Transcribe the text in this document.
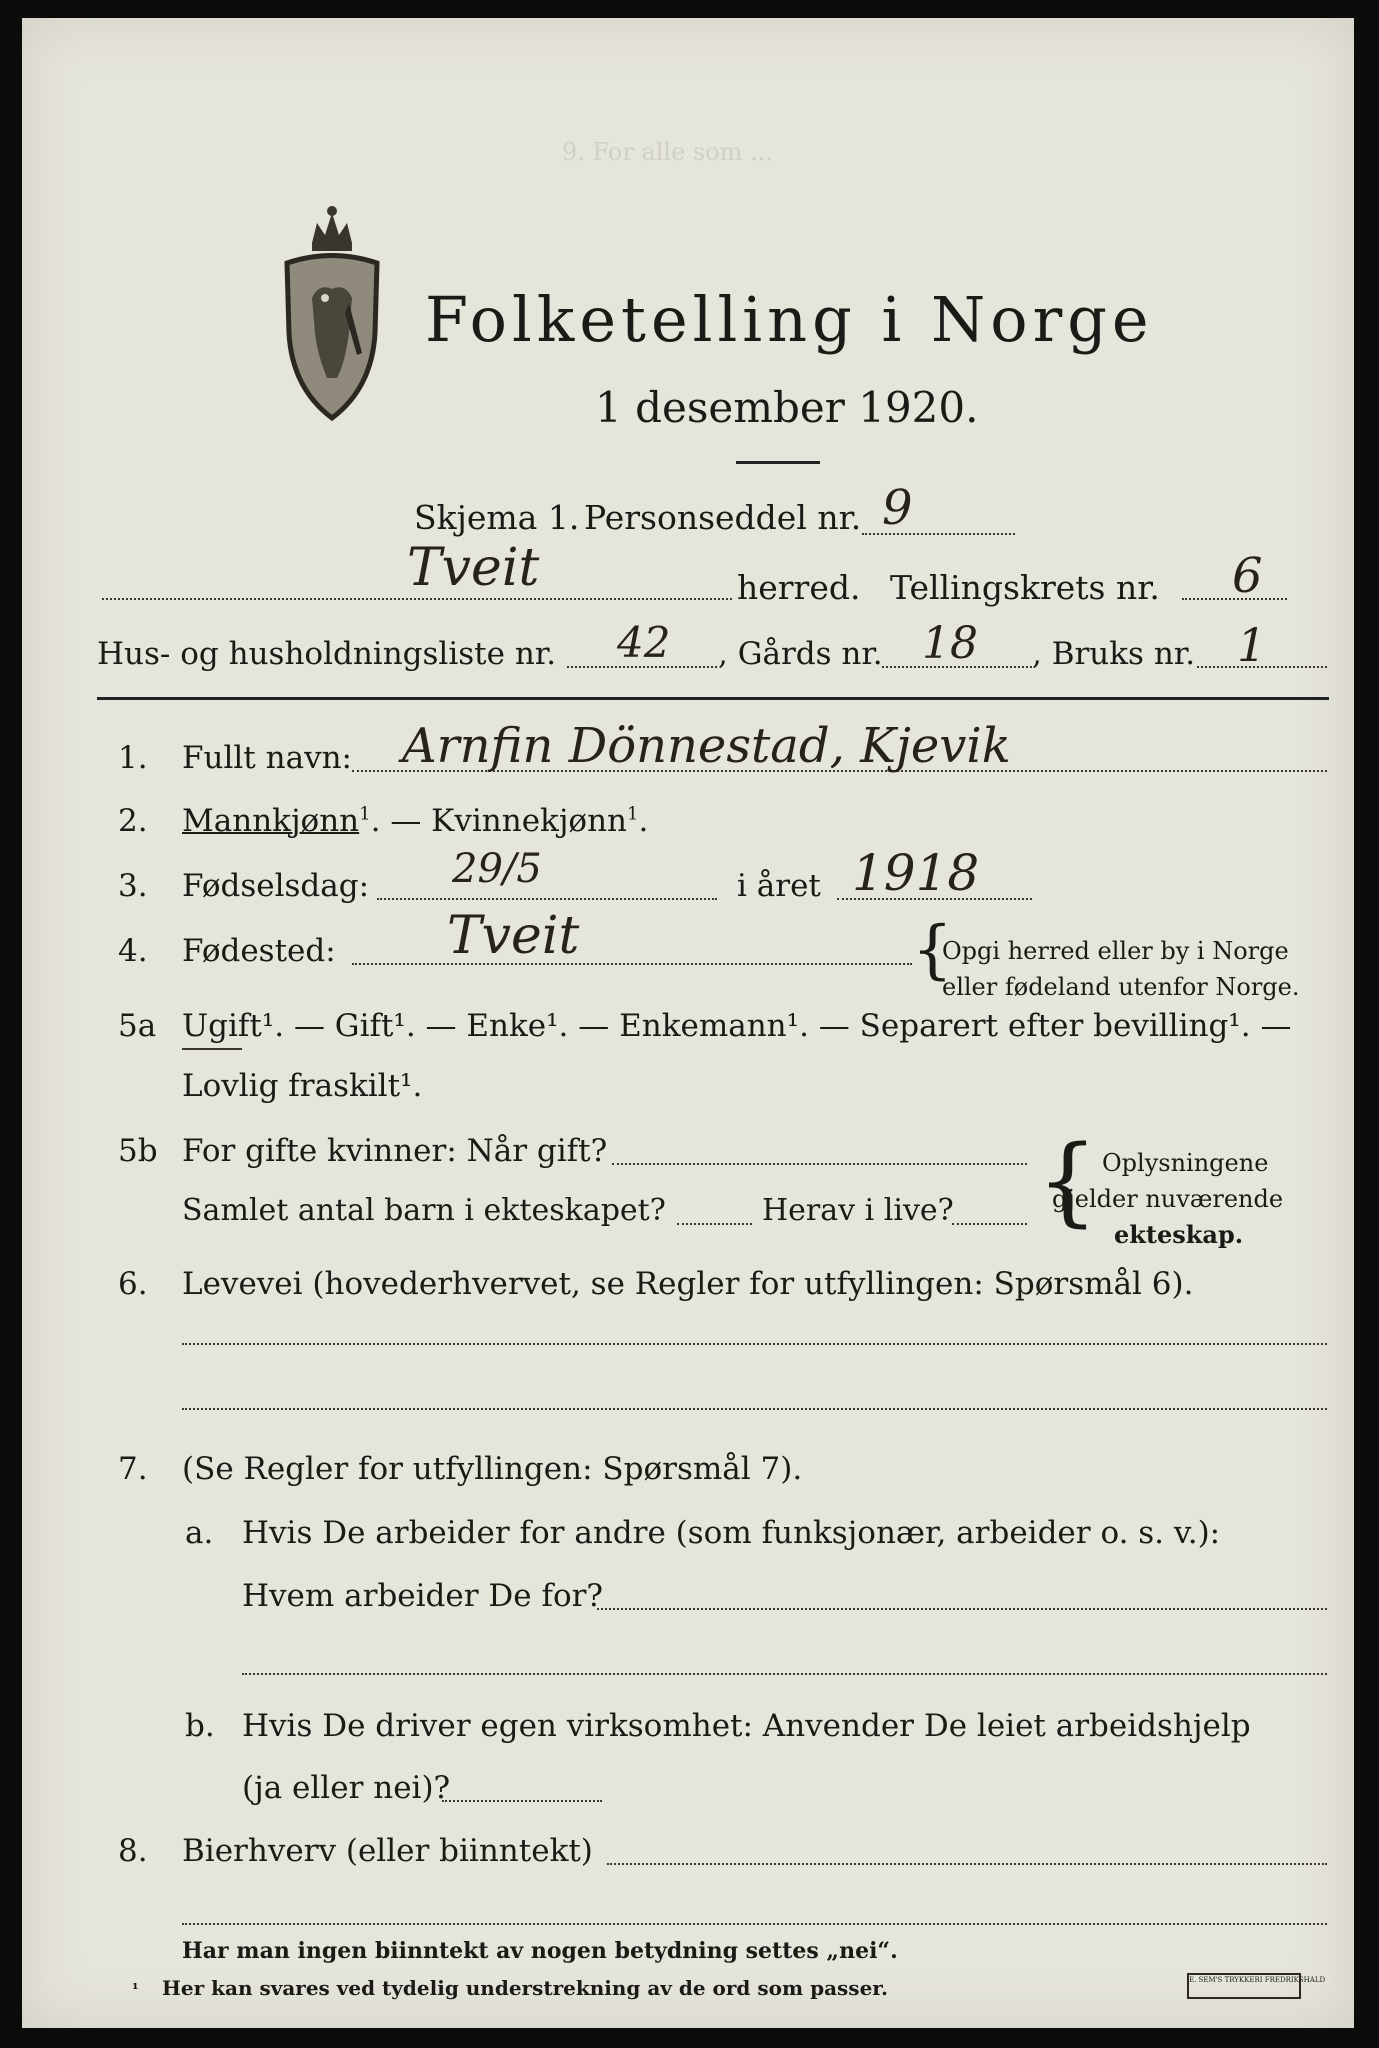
9. For alle som ...
Folketelling i Norge
1 desember 1920.
Skjema 1. Personseddel nr. 9
Tveit	herred. Tellingskrets nr. 6
Hus- og husholdningsliste nr. 42 , Gårds nr. 18 , Bruks nr. 1
1. Fullt navn: Arnfin Dönnestad, Kjevik
2. Mannkjønn$^1$. — Kvinnekjønn$^1$.
3. Fødselsdag: 29/5	i året 1918
4. Fødested: Tveit	{
Opgi herred eller by i Norge
eller fødeland utenfor Norge.
5a Ugift¹. — Gift¹. — Enke¹. — Enkemann¹. — Separert efter bevilling¹. —
Lovlig fraskilt¹.
5b For gifte kvinner: Når gift?
Samlet antal barn i ekteskapet?	Herav i live? { Oplysningene
gjelder nuværende
ekteskap.
6. Levevei (hovederhvervet, se Regler for utfyllingen: Spørsmål 6).
7. (Se Regler for utfyllingen: Spørsmål 7).
a. Hvis De arbeider for andre (som funksjonær, arbeider o. s. v.):
Hvem arbeider De for?
b. Hvis De driver egen virksomhet: Anvender De leiet arbeidshjelp
(ja eller nei)?
8. Bierhverv (eller biinntekt)
Har man ingen biinntekt av nogen betydning settes „nei“.
¹ Her kan svares ved tydelig understrekning av de ord som passer.	E. SEM'S TRYKKERI FREDRIKSHALD
